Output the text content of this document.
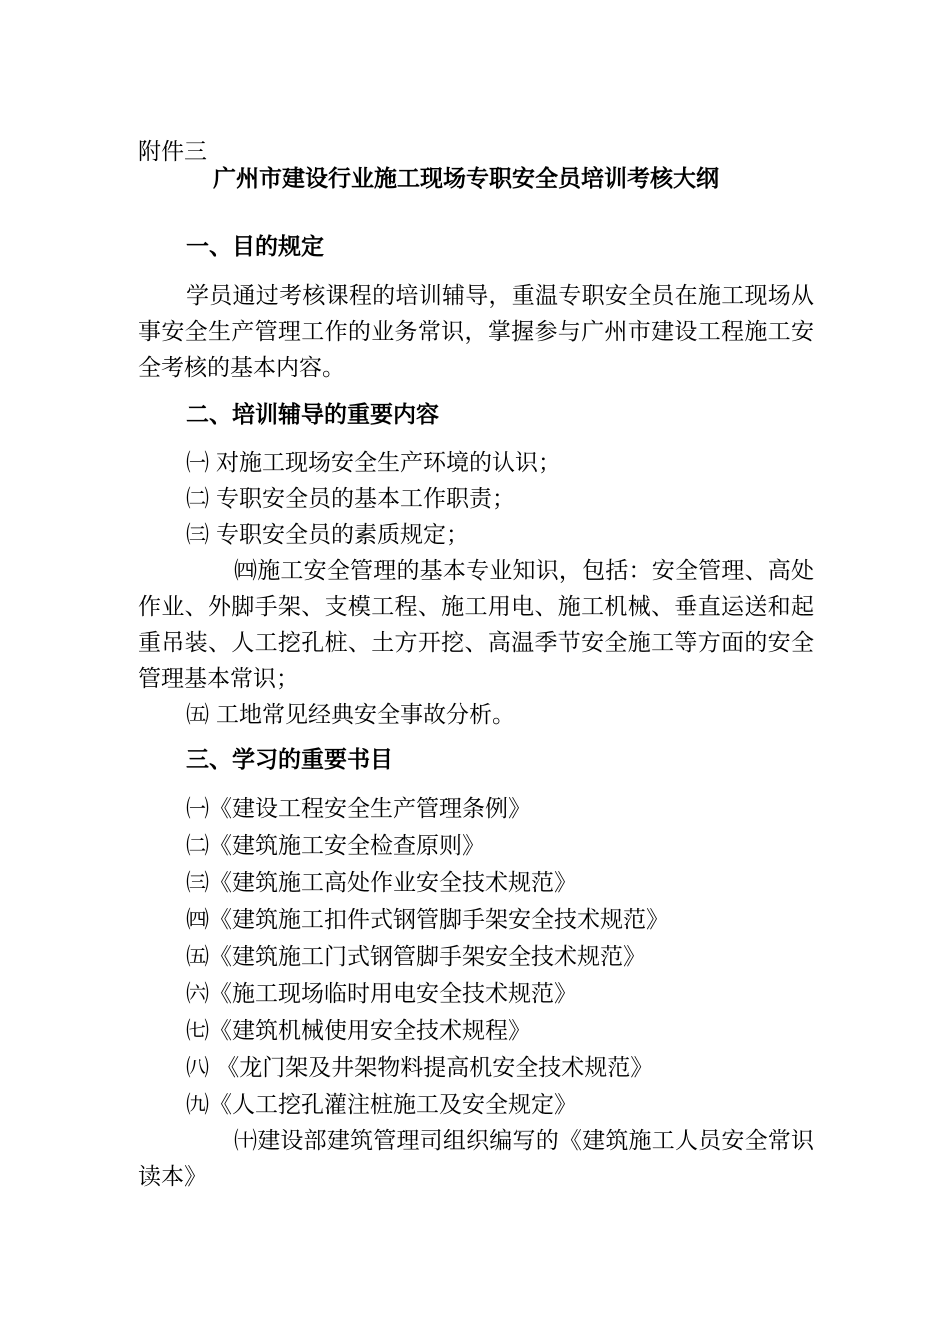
附件三
广州市建设行业施工现场专职安全员培训考核大纲
一、目的规定
学员通过考核课程的培训辅导，重温专职安全员在施工现场从事安全生产管理工作的业务常识，掌握参与广州市建设工程施工安全考核的基本内容。
二、培训辅导的重要内容
㈠ 对施工现场安全生产环境的认识；
㈡ 专职安全员的基本工作职责；
㈢ 专职安全员的素质规定；
㈣施工安全管理的基本专业知识，包括：安全管理、高处作业、外脚手架、支模工程、施工用电、施工机械、垂直运送和起重吊装、人工挖孔桩、土方开挖、高温季节安全施工等方面的安全管理基本常识；
㈤ 工地常见经典安全事故分析。
三、学习的重要书目
㈠《建设工程安全生产管理条例》
㈡《建筑施工安全检查原则》
㈢《建筑施工高处作业安全技术规范》
㈣《建筑施工扣件式钢管脚手架安全技术规范》
㈤《建筑施工门式钢管脚手架安全技术规范》
㈥《施工现场临时用电安全技术规范》
㈦《建筑机械使用安全技术规程》
㈧ 《龙门架及井架物料提高机安全技术规范》
㈨《人工挖孔灌注桩施工及安全规定》
㈩建设部建筑管理司组织编写的《建筑施工人员安全常识读本》
